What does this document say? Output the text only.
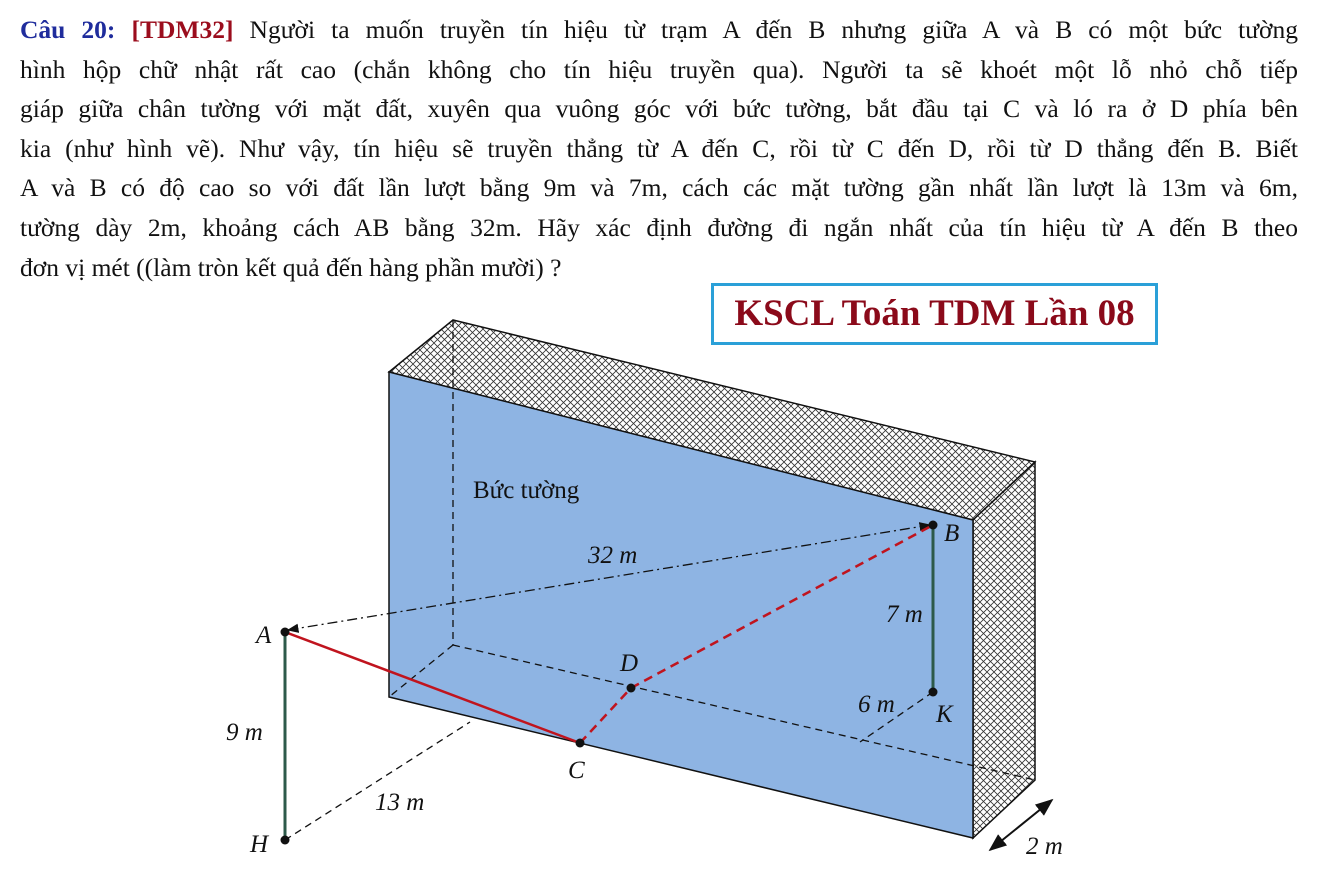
Câu 20: [TDM32] Người ta muốn truyền tín hiệu từ trạm A đến B nhưng giữa A và B có một bức tường
hình hộp chữ nhật rất cao (chắn không cho tín hiệu truyền qua). Người ta sẽ khoét một lỗ nhỏ chỗ tiếp
giáp giữa chân tường với mặt đất, xuyên qua vuông góc với bức tường, bắt đầu tại C và ló ra ở D phía bên
kia (như hình vẽ). Như vậy, tín hiệu sẽ truyền thẳng từ A đến C, rồi từ C đến D, rồi từ D thẳng đến B. Biết
A và B có độ cao so với đất lần lượt bằng 9m và 7m, cách các mặt tường gần nhất lần lượt là 13m và 6m,
tường dày 2m, khoảng cách AB bằng 32m. Hãy xác định đường đi ngắn nhất của tín hiệu từ A đến B theo
đơn vị mét ((làm tròn kết quả đến hàng phần mười) ?
Bức tường
A
H
C
D
B
K
32 m
7 m
9 m
13 m
6 m
2 m
KSCL Toán TDM Lần 08
